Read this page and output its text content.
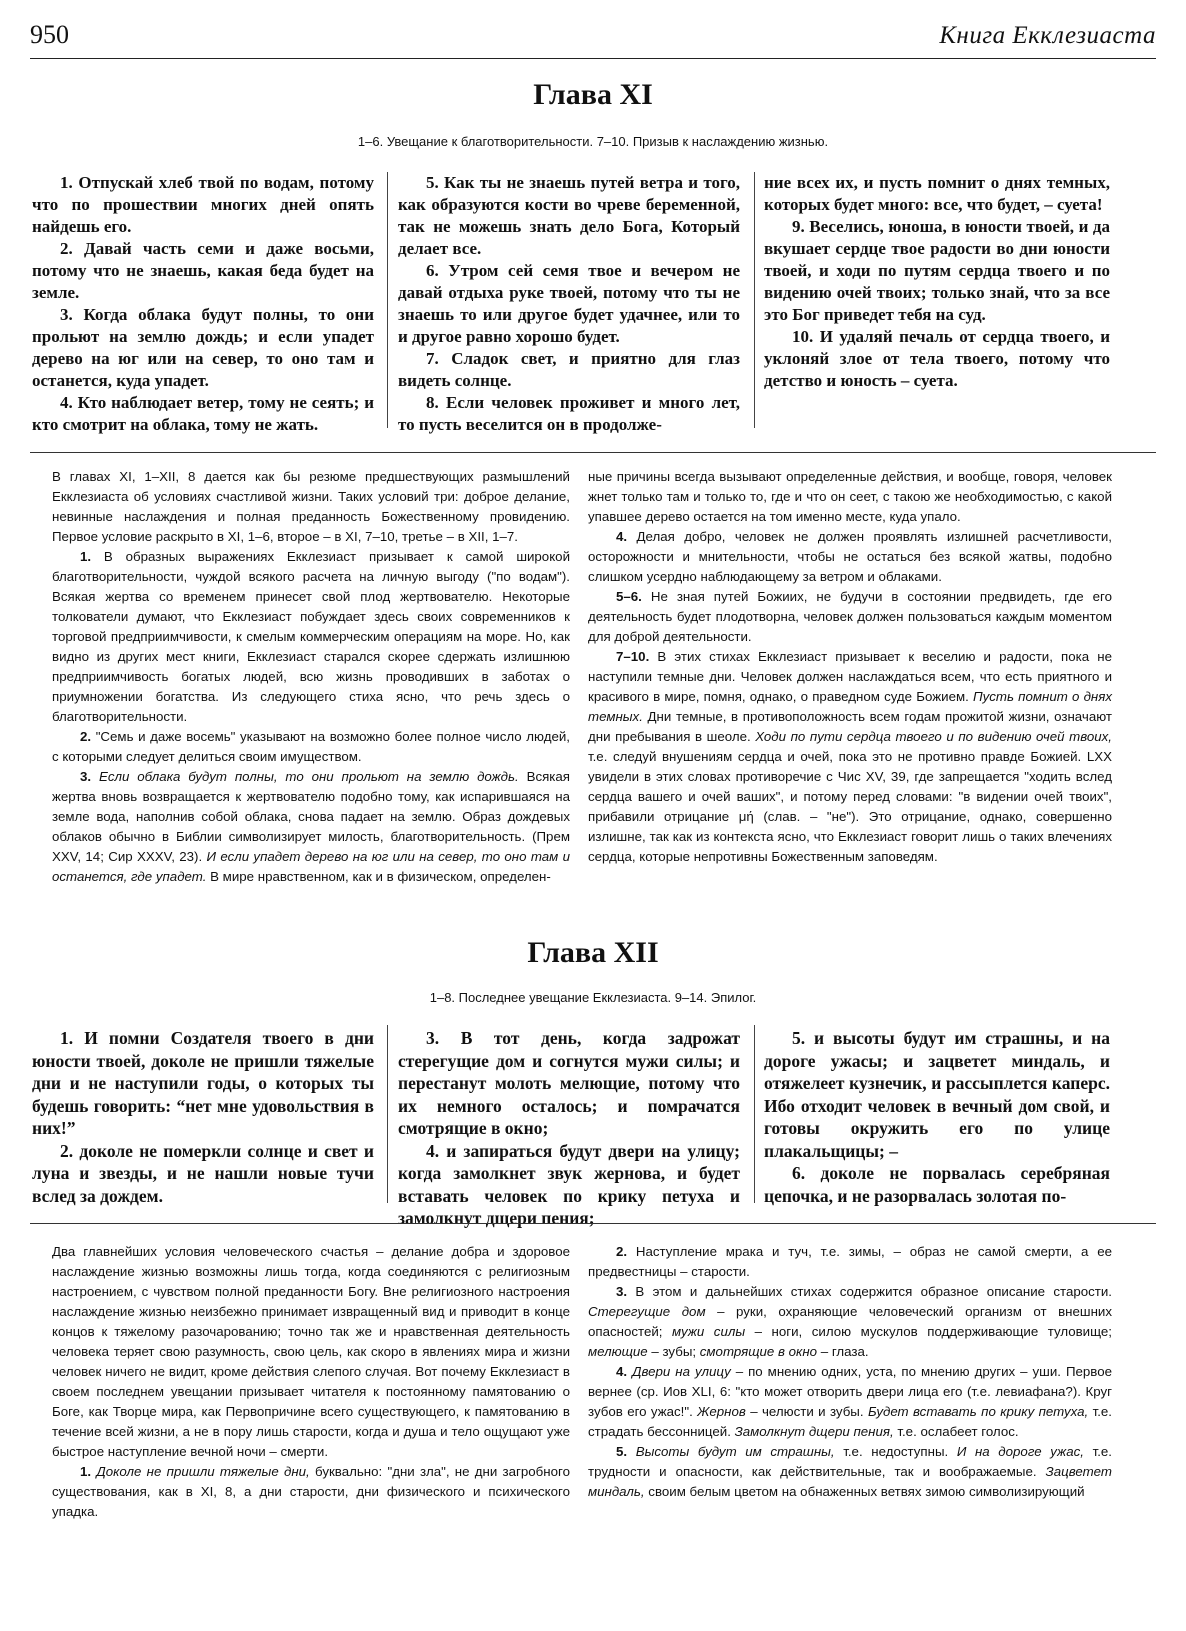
950	Книга Екклезиаста
Глава XI
1–6. Увещание к благотворительности. 7–10. Призыв к наслаждению жизнью.

1. Отпускай хлеб твой по водам, потому что по прошествии многих дней опять найдешь его.

2. Давай часть семи и даже восьми, потому что не знаешь, какая беда будет на земле.

3. Когда облака будут полны, то они прольют на землю дождь; и если упадет дерево на юг или на север, то оно там и останется, куда упадет.

4. Кто наблюдает ветер, тому не сеять; и кто смотрит на облака, тому не жать.

5. Как ты не знаешь путей ветра и того, как образуются кости во чреве беременной, так не можешь знать дело Бога, Который делает все.

6. Утром сей семя твое и вечером не давай отдыха руке твоей, потому что ты не знаешь то или другое будет удачнее, или то и другое равно хорошо будет.

7. Сладок свет, и приятно для глаз видеть солнце.

8. Если человек проживет и много лет, то пусть веселится он в продолже-

ние всех их, и пусть помнит о днях темных, которых будет много: все, что будет, – суета!

9. Веселись, юноша, в юности твоей, и да вкушает сердце твое радости во дни юности твоей, и ходи по путям сердца твоего и по видению очей твоих; только знай, что за все это Бог приведет тебя на суд.

10. И удаляй печаль от сердца твоего, и уклоняй злое от тела твоего, потому что детство и юность – суета.

В главах XI, 1–XII, 8 дается как бы резюме предшествующих размышлений Екклезиаста об условиях счастливой жизни. Таких условий три: доброе делание, невинные наслаждения и полная преданность Божественному провидению. Первое условие раскрыто в XI, 1–6, второе – в XI, 7–10, третье – в XII, 1–7.

1. В образных выражениях Екклезиаст призывает к самой широкой благотворительности, чуждой всякого расчета на личную выгоду ("по водам"). Всякая жертва со временем принесет свой плод жертвователю. Некоторые толкователи думают, что Екклезиаст побуждает здесь своих современников к торговой предприимчивости, к смелым коммерческим операциям на море. Но, как видно из других мест книги, Екклезиаст старался скорее сдержать излишнюю предприимчивость богатых людей, всю жизнь проводивших в заботах о приумножении богатства. Из следующего стиха ясно, что речь здесь о благотворительности.

2. "Семь и даже восемь" указывают на возможно более полное число людей, с которыми следует делиться своим имуществом.

3. Если облака будут полны, то они прольют на землю дождь. Всякая жертва вновь возвращается к жертвователю подобно тому, как испарившаяся на земле вода, наполнив собой облака, снова падает на землю. Образ дождевых облаков обычно в Библии символизирует милость, благотворительность. (Прем XXV, 14; Сир XXXV, 23). И если упадет дерево на юг или на север, то оно там и останется, где упадет. В мире нравственном, как и в физическом, определен-

ные причины всегда вызывают определенные действия, и вообще, говоря, человек жнет только там и только то, где и что он сеет, с такою же необходимостью, с какой упавшее дерево остается на том именно месте, куда упало.

4. Делая добро, человек не должен проявлять излишней расчетливости, осторожности и мнительности, чтобы не остаться без всякой жатвы, подобно слишком усердно наблюдающему за ветром и облаками.

5–6. Не зная путей Божиих, не будучи в состоянии предвидеть, где его деятельность будет плодотворна, человек должен пользоваться каждым моментом для доброй деятельности.

7–10. В этих стихах Екклезиаст призывает к веселию и радости, пока не наступили темные дни. Человек должен наслаждаться всем, что есть приятного и красивого в мире, помня, однако, о праведном суде Божием. Пусть помнит о днях темных. Дни темные, в противоположность всем годам прожитой жизни, означают дни пребывания в шеоле. Ходи по пути сердца твоего и по видению очей твоих, т.е. следуй внушениям сердца и очей, пока это не противно правде Божией. LXX увидели в этих словах противоречие с Чис XV, 39, где запрещается "ходить вслед сердца вашего и очей ваших", и потому перед словами: "в видении очей твоих", прибавили отрицание μή (слав. – "не"). Это отрицание, однако, совершенно излишне, так как из контекста ясно, что Екклезиаст говорит лишь о таких влечениях сердца, которые непротивны Божественным заповедям.

Глава XII
1–8. Последнее увещание Екклезиаста. 9–14. Эпилог.

1. И помни Создателя твоего в дни юности твоей, доколе не пришли тяжелые дни и не наступили годы, о которых ты будешь говорить: “нет мне удовольствия в них!”

2. доколе не померкли солнце и свет и луна и звезды, и не нашли новые тучи вслед за дождем.

3. В тот день, когда задрожат стерегущие дом и согнутся мужи силы; и перестанут молоть мелющие, потому что их немного осталось; и помрачатся смотрящие в окно;

4. и запираться будут двери на улицу; когда замолкнет звук жернова, и будет вставать человек по крику петуха и замолкнут дщери пения;

5. и высоты будут им страшны, и на дороге ужасы; и зацветет миндаль, и отяжелеет кузнечик, и рассыплется каперс. Ибо отходит человек в вечный дом свой, и готовы окружить его по улице плакальщицы; –

6. доколе не порвалась серебряная цепочка, и не разорвалась золотая по-

Два главнейших условия человеческого счастья – делание добра и здоровое наслаждение жизнью возможны лишь тогда, когда соединяются с религиозным настроением, с чувством полной преданности Богу. Вне религиозного настроения наслаждение жизнью неизбежно принимает извращенный вид и приводит в конце концов к тяжелому разочарованию; точно так же и нравственная деятельность человека теряет свою разумность, свою цель, как скоро в явлениях мира и жизни человек ничего не видит, кроме действия слепого случая. Вот почему Екклезиаст в своем последнем увещании призывает читателя к постоянному памятованию о Боге, как Творце мира, как Первопричине всего существующего, к памятованию в течение всей жизни, а не в пору лишь старости, когда и душа и тело ощущают уже быстрое наступление вечной ночи – смерти.

1. Доколе не пришли тяжелые дни, буквально: "дни зла", не дни загробного существования, как в XI, 8, а дни старости, дни физического и психического упадка.

2. Наступление мрака и туч, т.е. зимы, – образ не самой смерти, а ее предвестницы – старости.

3. В этом и дальнейших стихах содержится образное описание старости. Стерегущие дом – руки, охраняющие человеческий организм от внешних опасностей; мужи силы – ноги, силою мускулов поддерживающие туловище; мелющие – зубы; смотрящие в окно – глаза.

4. Двери на улицу – по мнению одних, уста, по мнению других – уши. Первое вернее (ср. Иов XLI, 6: "кто может отворить двери лица его (т.е. левиафана?). Круг зубов его ужас!". Жернов – челюсти и зубы. Будет вставать по крику петуха, т.е. страдать бессонницей. Замолкнут дщери пения, т.е. ослабеет голос.

5. Высоты будут им страшны, т.е. недоступны. И на дороге ужас, т.е. трудности и опасности, как действительные, так и воображаемые. Зацветет миндаль, своим белым цветом на обнаженных ветвях зимою символизирующий
